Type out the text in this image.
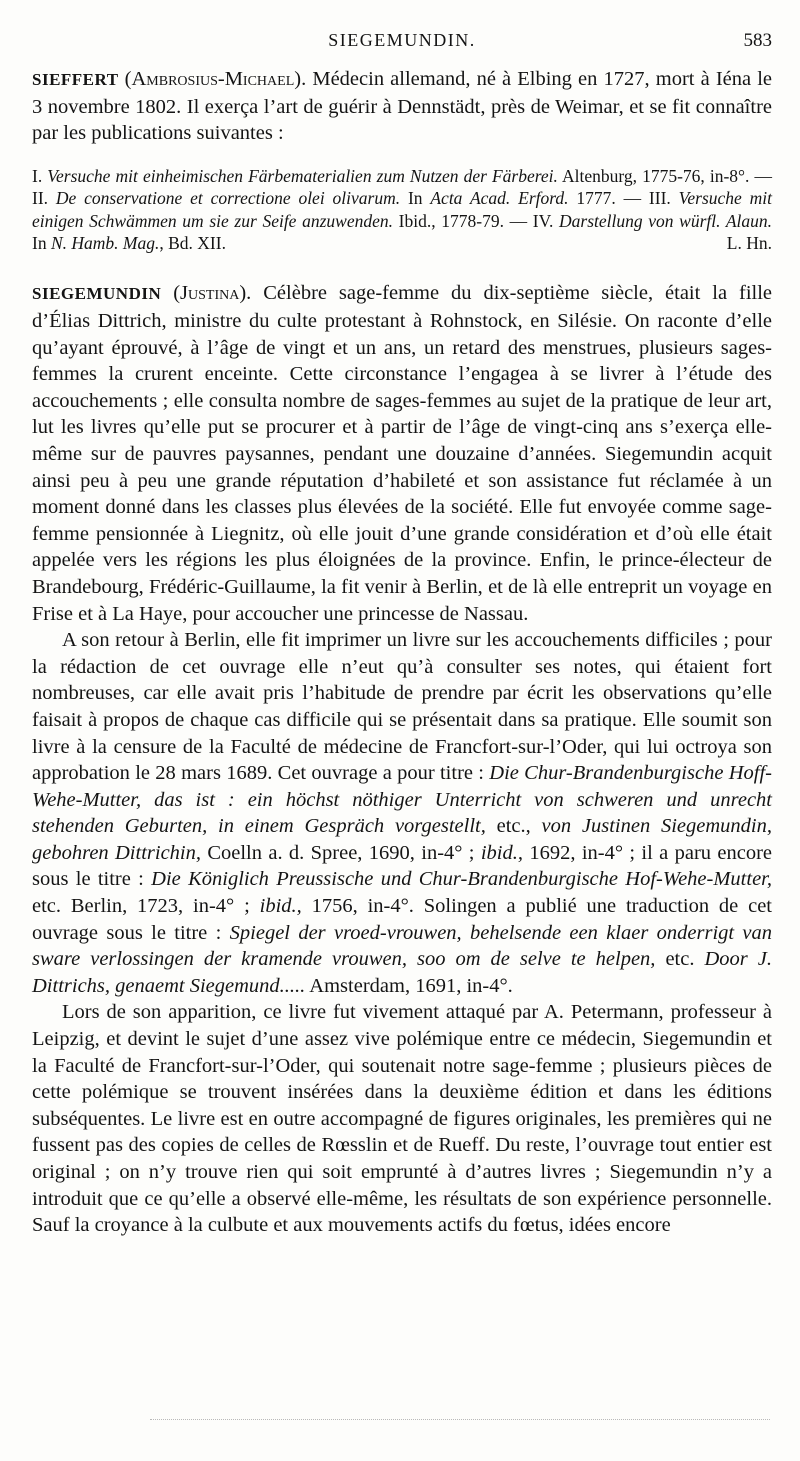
SIEGEMUNDIN.	583

SIEFFERT (Ambrosius-Michael). Médecin allemand, né à Elbing en 1727, mort à Iéna le 3 novembre 1802. Il exerça l’art de guérir à Dennstädt, près de Weimar, et se fit connaître par les publications suivantes :

I. Versuche mit einheimischen Färbematerialien zum Nutzen der Färberei. Altenburg, 1775-76, in-8°. — II. De conservatione et correctione olei olivarum. In Acta Acad. Erford. 1777. — III. Versuche mit einigen Schwämmen um sie zur Seife anzuwenden. Ibid., 1778-79. — IV. Darstellung von würfl. Alaun. In N. Hamb. Mag., Bd. XII.	L. Hn.

SIEGEMUNDIN (Justina). Célèbre sage-femme du dix-septième siècle, était la fille d’Élias Dittrich, ministre du culte protestant à Rohnstock, en Silésie. On raconte d’elle qu’ayant éprouvé, à l’âge de vingt et un ans, un retard des menstrues, plusieurs sages-femmes la crurent enceinte. Cette circonstance l’engagea à se livrer à l’étude des accouchements ; elle consulta nombre de sages-femmes au sujet de la pratique de leur art, lut les livres qu’elle put se procurer et à partir de l’âge de vingt-cinq ans s’exerça elle-même sur de pauvres paysannes, pendant une douzaine d’années. Siegemundin acquit ainsi peu à peu une grande réputation d’habileté et son assistance fut réclamée à un moment donné dans les classes plus élevées de la société. Elle fut envoyée comme sage-femme pensionnée à Liegnitz, où elle jouit d’une grande considération et d’où elle était appelée vers les régions les plus éloignées de la province. Enfin, le prince-électeur de Brandebourg, Frédéric-Guillaume, la fit venir à Berlin, et de là elle entreprit un voyage en Frise et à La Haye, pour accoucher une princesse de Nassau.

A son retour à Berlin, elle fit imprimer un livre sur les accouchements difficiles ; pour la rédaction de cet ouvrage elle n’eut qu’à consulter ses notes, qui étaient fort nombreuses, car elle avait pris l’habitude de prendre par écrit les observations qu’elle faisait à propos de chaque cas difficile qui se présentait dans sa pratique. Elle soumit son livre à la censure de la Faculté de médecine de Francfort-sur-l’Oder, qui lui octroya son approbation le 28 mars 1689. Cet ouvrage a pour titre : Die Chur-Brandenburgische Hoff-Wehe-Mutter, das ist : ein höchst nöthiger Unterricht von schweren und unrecht stehenden Geburten, in einem Gespräch vorgestellt, etc., von Justinen Siegemundin, gebohren Dittrichin, Coelln a. d. Spree, 1690, in-4° ; ibid., 1692, in-4° ; il a paru encore sous le titre : Die Königlich Preussische und Chur-Brandenburgische Hof-Wehe-Mutter, etc. Berlin, 1723, in-4° ; ibid., 1756, in-4°. Solingen a publié une traduction de cet ouvrage sous le titre : Spiegel der vroed-vrouwen, behelsende een klaer onderrigt van sware verlossingen der kramende vrouwen, soo om de selve te helpen, etc. Door J. Dittrichs, genaemt Siegemund..... Amsterdam, 1691, in-4°.

Lors de son apparition, ce livre fut vivement attaqué par A. Petermann, professeur à Leipzig, et devint le sujet d’une assez vive polémique entre ce médecin, Siegemundin et la Faculté de Francfort-sur-l’Oder, qui soutenait notre sage-femme ; plusieurs pièces de cette polémique se trouvent insérées dans la deuxième édition et dans les éditions subséquentes. Le livre est en outre accompagné de figures originales, les premières qui ne fussent pas des copies de celles de Rœsslin et de Rueff. Du reste, l’ouvrage tout entier est original ; on n’y trouve rien qui soit emprunté à d’autres livres ; Siegemundin n’y a introduit que ce qu’elle a observé elle-même, les résultats de son expérience personnelle. Sauf la croyance à la culbute et aux mouvements actifs du fœtus, idées encore
